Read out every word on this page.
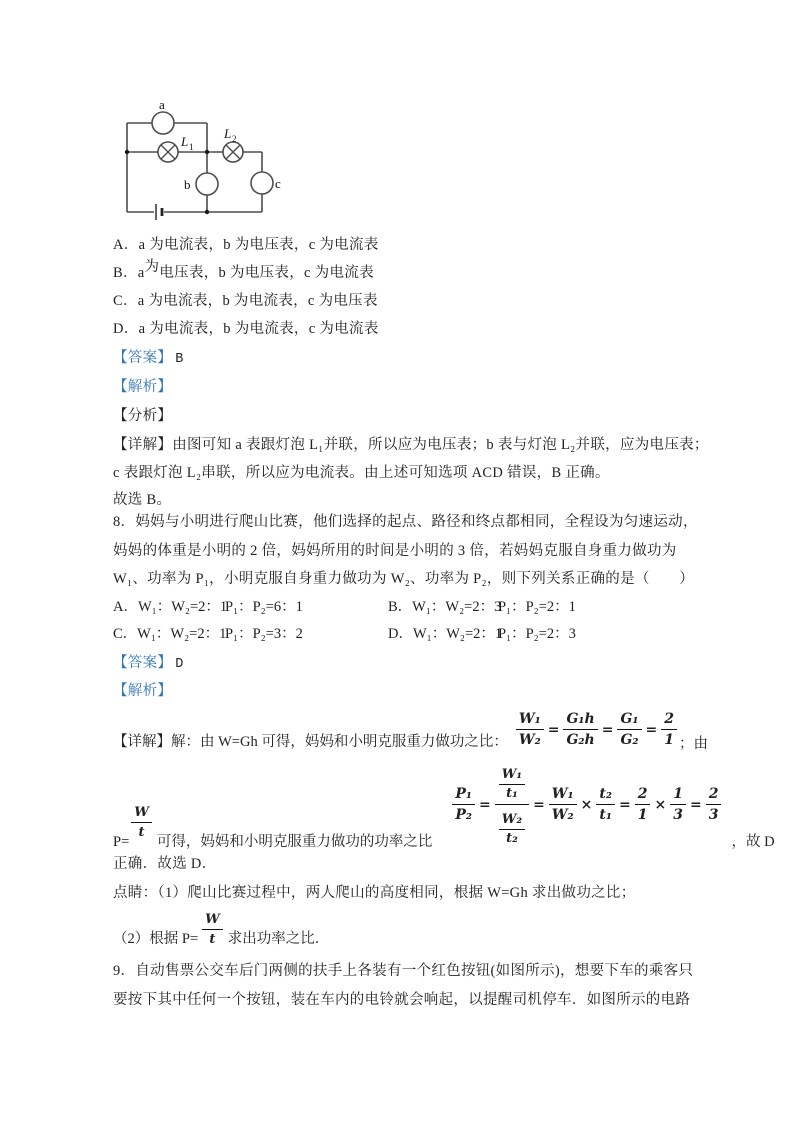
a
b	c
L
L
1
2
A．a 为电流表，b 为电压表，c 为电流表
B．a为电压表，b 为电压表，c 为电流表
C．a 为电流表，b 为电流表，c 为电压表
D．a 为电流表，b 为电流表，c 为电流表
【答案】 B
【解析】
【分析】
【详解】由图可知 a 表跟灯泡 L₁并联，所以应为电压表；b 表与灯泡 L₂并联，应为电压表；
c 表跟灯泡 L₂串联，所以应为电流表。由上述可知选项 ACD 错误，B 正确。
故选 B。
8．妈妈与小明进行爬山比赛，他们选择的起点、路径和终点都相同，全程设为匀速运动，
妈妈的体重是小明的 2 倍，妈妈所用的时间是小明的 3 倍，若妈妈克服自身重力做功为
W₁、功率为 P₁，小明克服自身重力做功为 W₂、功率为 P₂，则下列关系正确的是（　　）
A．W₁：W₂=2：1
P₁：P₂=6：1	B．W₁：W₂=2：3
P₁：P₂=2：1
C．W₁：W₂=2：1
P₁：P₂=3：2	D．W₁：W₂=2：1
P₁：P₂=2：3
【答案】 D
【解析】
【详解】解：由 W=Gh 可得，妈妈和小明克服重力做功之比： $\frac{\text{W₁}}{\text{W₂}} = \frac{\text{G₁h}}{\text{G₂h}} = \frac{\text{G₁}}{\text{G₂}} = \frac{2}{1}$ ；由
P=
$\frac{W}{t}$
可得，妈妈和小明克服重力做功的功率之比
$\frac{\text{P₁}}{\text{P₂}} = \frac{\frac{\text{W₁}}{\text{t₁}}}{\frac{\text{W₂}}{\text{t₂}}} = \frac{\text{W₁}}{\text{W₂}} \times \frac{\text{t₂}}{\text{t₁}} = \frac{2}{1} \times \frac{1}{3} = \frac{2}{3}$
，故 D
正确．故选 D．
点睛：（1）爬山比赛过程中，两人爬山的高度相同，根据 W=Gh 求出做功之比；
（2）根据 $P= \frac{W}{t}$ 求出功率之比．
9．自动售票公交车后门两侧的扶手上各装有一个红色按钮(如图所示)，想要下车的乘客只
要按下其中任何一个按钮，装在车内的电铃就会响起，以提醒司机停车．如图所示的电路
